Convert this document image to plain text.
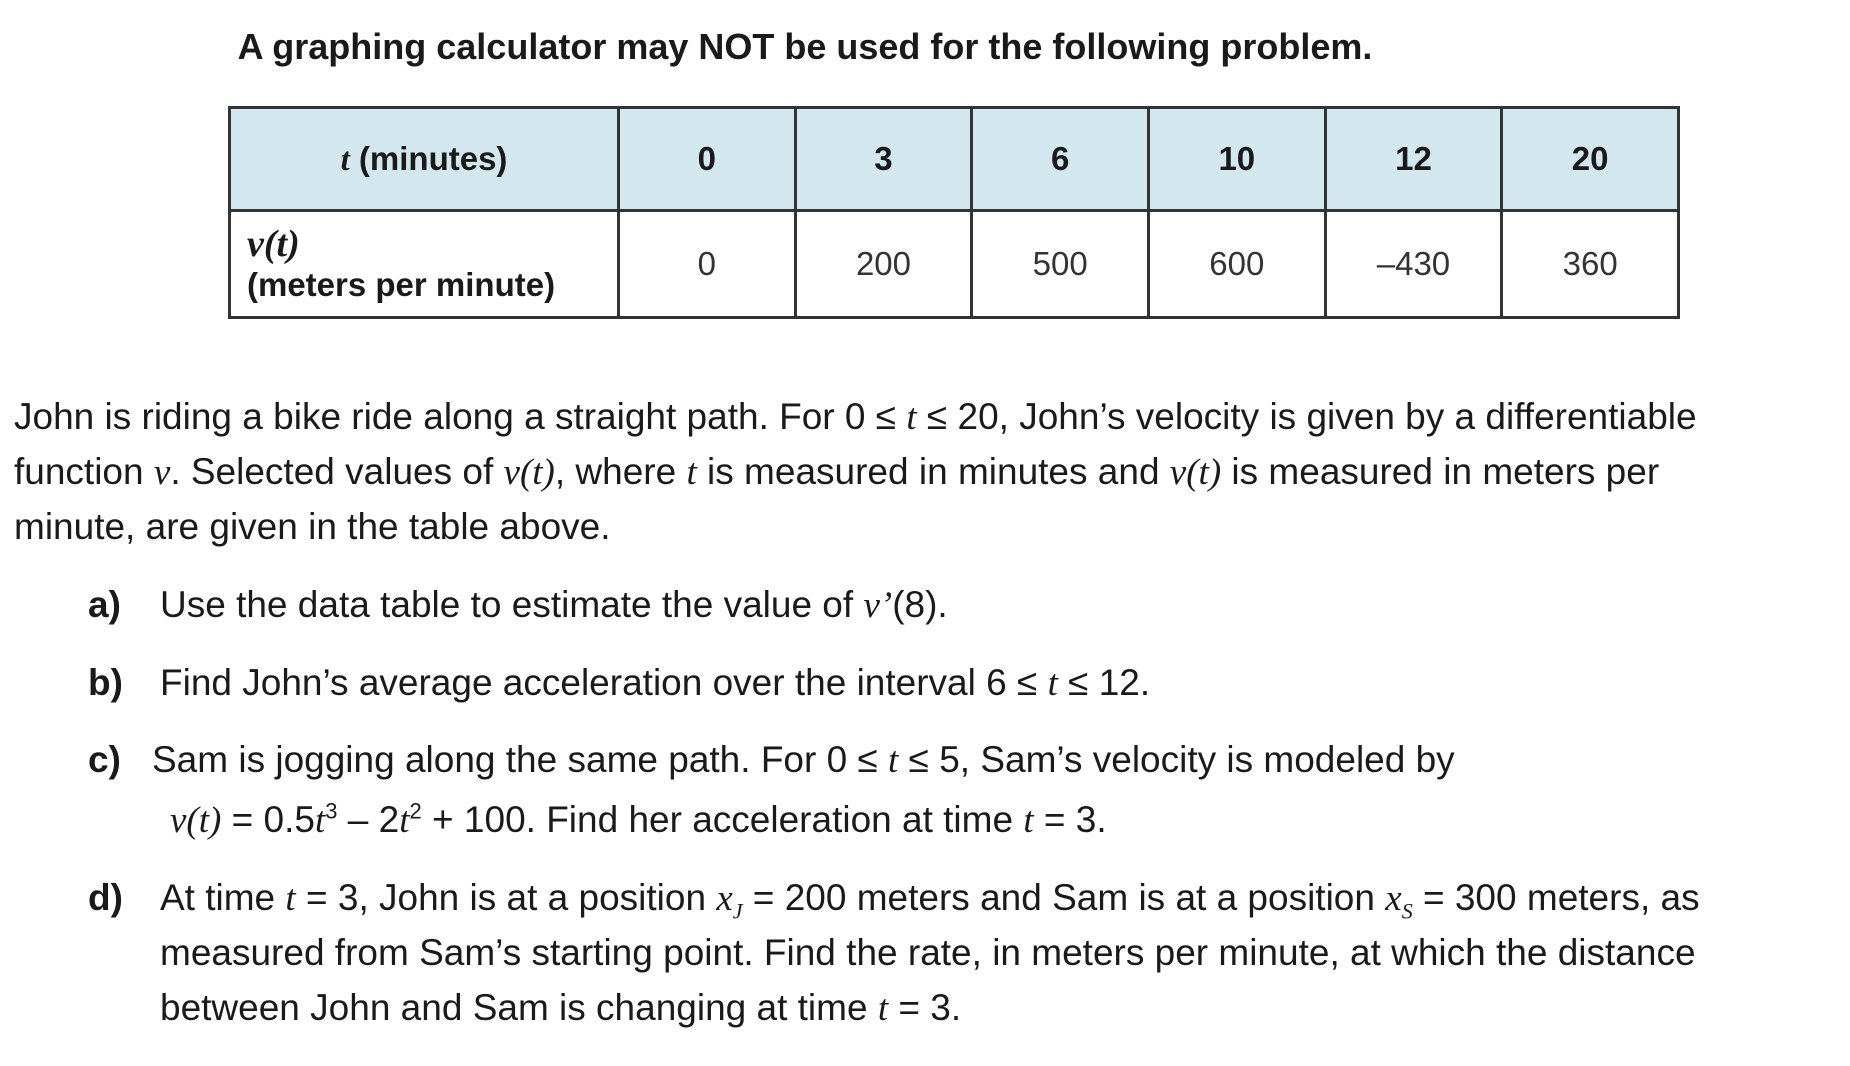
A graphing calculator may NOT be used for the following problem.
t (minutes)	0	3	6	10	12	20

v(t)
(meters per minute)	0	200	500	600	–430	360

John is riding a bike ride along a straight path. For 0 ≤ t ≤ 20, John’s velocity is given by a differentiable
function v. Selected values of v(t), where t is measured in minutes and v(t) is measured in meters per
minute, are given in the table above.

a) Use the data table to estimate the value of v’(8).
b) Find John’s average acceleration over the interval 6 ≤ t ≤ 12.
c) Sam is jogging along the same path. For 0 ≤ t ≤ 5, Sam’s velocity is modeled by
$v(t) = 0.5t^3 - 2t^2 + 100$. Find her acceleration at time t = 3.
d) At time t = 3, John is at a position $x_J = 200$ meters and Sam is at a position $x_S = 300$ meters, as
measured from Sam’s starting point. Find the rate, in meters per minute, at which the distance
between John and Sam is changing at time t = 3.
